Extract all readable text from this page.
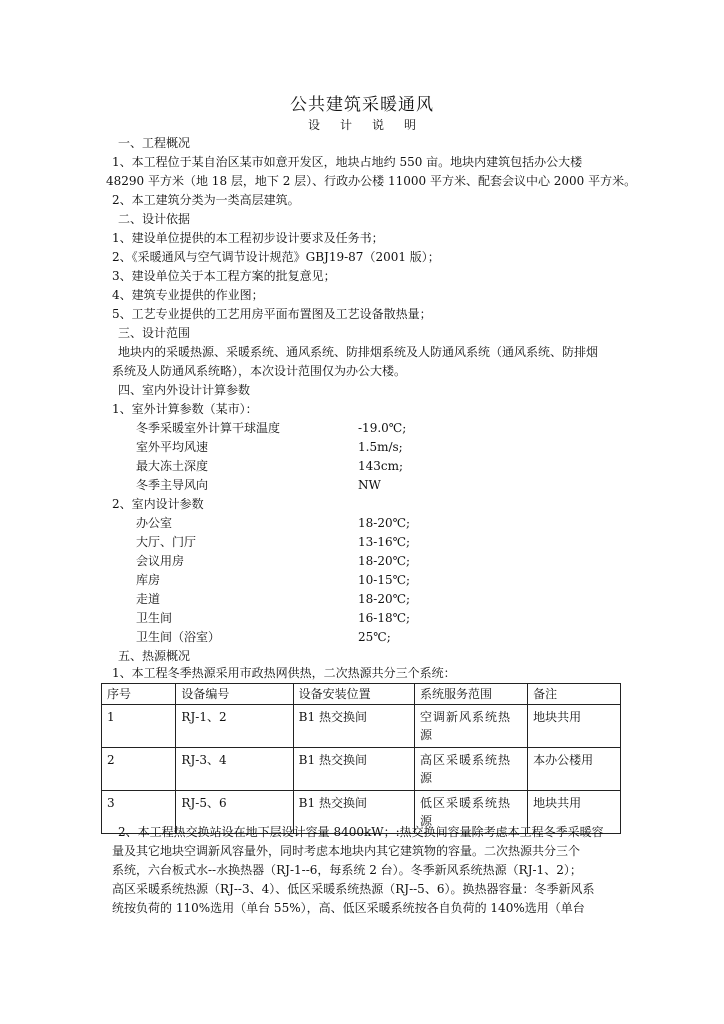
公共建筑采暖通风
设计说明
一、工程概况
1、本工程位于某自治区某市如意开发区，地块占地约 550 亩。地块内建筑包括办公大楼
48290 平方米（地 18 层，地下 2 层）、行政办公楼 11000 平方米、配套会议中心 2000 平方米。
2、本工建筑分类为一类高层建筑。
二、设计依据
1、建设单位提供的本工程初步设计要求及任务书；
2、《采暖通风与空气调节设计规范》GBJ19-87（2001 版）；
3、建设单位关于本工程方案的批复意见；
4、建筑专业提供的作业图；
5、工艺专业提供的工艺用房平面布置图及工艺设备散热量；
三、设计范围
地块内的采暖热源、采暖系统、通风系统、防排烟系统及人防通风系统（通风系统、防排烟
系统及人防通风系统略），本次设计范围仅为办公大楼。
四、室内外设计计算参数
1、室外计算参数（某市）：
冬季采暖室外计算干球温度	-19.0℃;
室外平均风速	1.5m/s;
最大冻土深度	143cm;
冬季主导风向	NW
2、室内设计参数
办公室	18-20℃;
大厅、门厅	13-16℃;
会议用房	18-20℃;
库房	10-15℃;
走道	18-20℃;
卫生间	16-18℃;
卫生间（浴室）	25℃;
五、热源概况
1、本工程冬季热源采用市政热网供热，二次热源共分三个系统：
序号	设备编号	设备安装位置	系统服务范围	备注
1	RJ-1、2	B1 热交换间	空调新风系统热源	地块共用
2	RJ-3、4	B1 热交换间	高区采暖系统热源	本办公楼用
3	RJ-5、6	B1 热交换间	低区采暖系统热源	地块共用
2、本工程热交换站设在地下层设计容量 8400kW；:热交换间容量除考虑本工程冬季采暖容
量及其它地块空调新风容量外，同时考虑本地块内其它建筑物的容量。二次热源共分三个
系统，六台板式水--水换热器（RJ-1--6，每系统 2 台）。冬季新风系统热源（RJ-1、2）；
高区采暖系统热源（RJ--3、4）、低区采暖系统热源（RJ--5、6）。换热器容量：冬季新风系
统按负荷的 110%选用（单台 55%），高、低区采暖系统按各自负荷的 140%选用（单台
